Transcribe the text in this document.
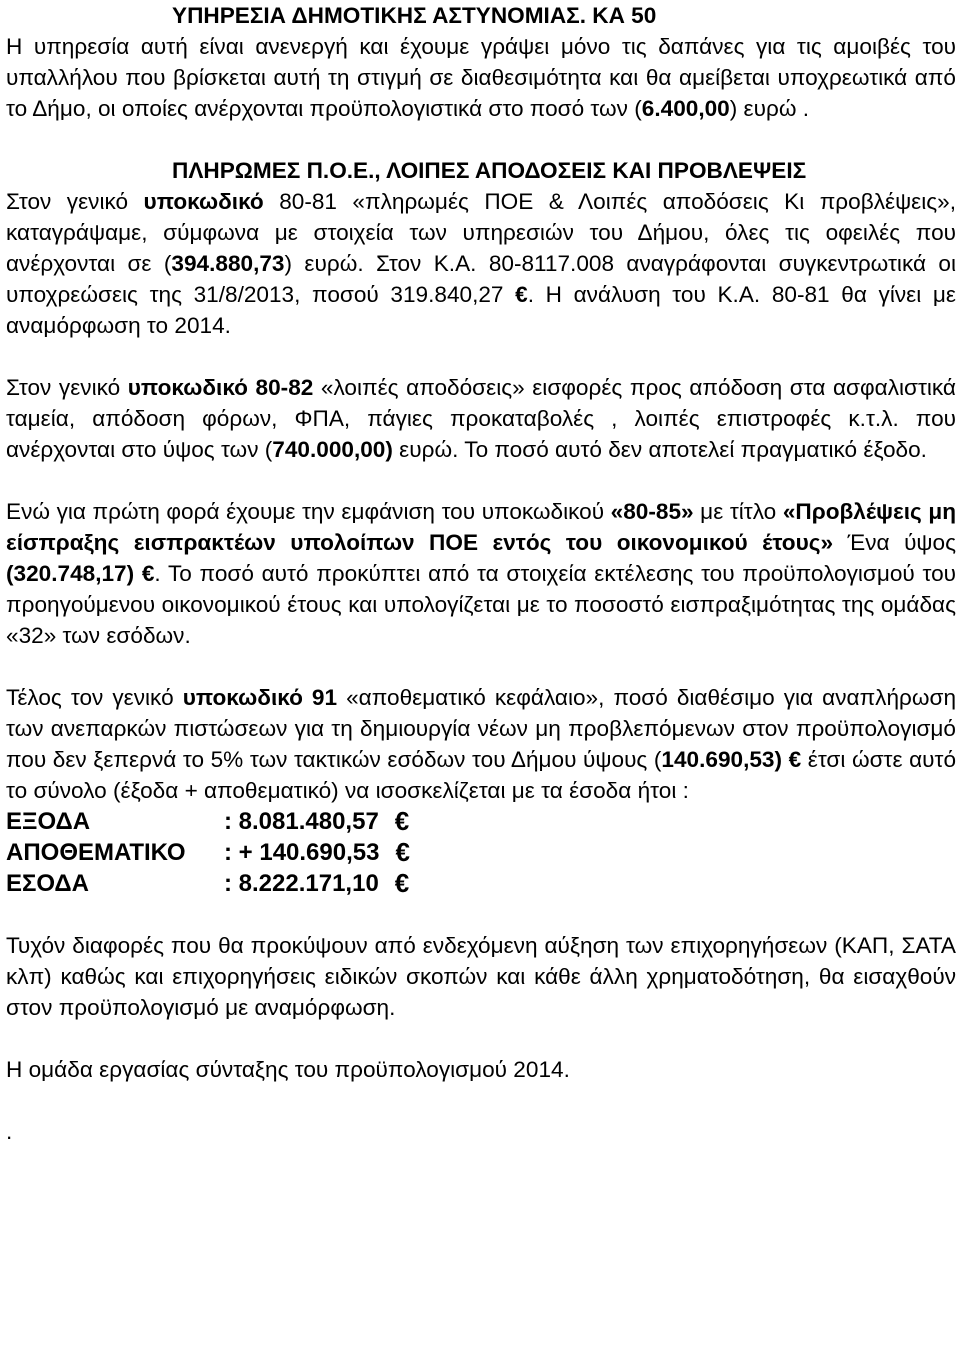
ΥΠΗΡΕΣΙΑ ΔΗΜΟΤΙΚΗΣ ΑΣΤΥΝΟΜΙΑΣ. ΚΑ 50

Η υπηρεσία αυτή είναι ανενεργή και έχουμε γράψει μόνο τις δαπάνες για τις αμοιβές του υπαλλήλου που βρίσκεται αυτή τη στιγμή σε διαθεσιμότητα και θα αμείβεται υποχρεωτικά από το Δήμο, οι οποίες ανέρχονται προϋπολογιστικά στο ποσό των (6.400,00) ευρώ .

ΠΛΗΡΩΜΕΣ Π.Ο.Ε., ΛΟΙΠΕΣ ΑΠΟΔΟΣΕΙΣ ΚΑΙ ΠΡΟΒΛΕΨΕΙΣ

Στον γενικό υποκωδικό 80-81 «πληρωμές ΠΟΕ & Λοιπές αποδόσεις Κι προβλέψεις», καταγράψαμε, σύμφωνα με στοιχεία των υπηρεσιών του Δήμου, όλες τις οφειλές που ανέρχονται σε (394.880,73) ευρώ. Στον Κ.Α. 80-8117.008 αναγράφονται συγκεντρωτικά οι υποχρεώσεις της 31/8/2013, ποσού 319.840,27 €. Η ανάλυση του Κ.Α. 80-81 θα γίνει με αναμόρφωση το 2014.

Στον γενικό υποκωδικό 80-82 «λοιπές αποδόσεις» εισφορές προς απόδοση στα ασφαλιστικά ταμεία, απόδοση φόρων, ΦΠΑ, πάγιες προκαταβολές , λοιπές επιστροφές κ.τ.λ. που ανέρχονται στο ύψος των (740.000,00) ευρώ. Το ποσό αυτό δεν αποτελεί πραγματικό έξοδο.

Ενώ για πρώτη φορά έχουμε την εμφάνιση του υποκωδικού «80-85» με τίτλο «Προβλέψεις μη είσπραξης εισπρακτέων υπολοίπων ΠΟΕ εντός του οικονομικού έτους» Ένα ύψος (320.748,17) €. Το ποσό αυτό προκύπτει από τα στοιχεία εκτέλεσης του προϋπολογισμού του προηγούμενου οικονομικού έτους και υπολογίζεται με το ποσοστό εισπραξιμότητας της ομάδας «32» των εσόδων.

Τέλος τον γενικό υποκωδικό 91 «αποθεματικό κεφάλαιο», ποσό διαθέσιμο για αναπλήρωση των ανεπαρκών πιστώσεων για τη δημιουργία νέων μη προβλεπόμενων στον προϋπολογισμό που δεν ξεπερνά το 5% των τακτικών εσόδων του Δήμου ύψους (140.690,53) € έτσι ώστε αυτό το σύνολο (έξοδα + αποθεματικό) να ισοσκελίζεται με τα έσοδα ήτοι :

ΕΞΟΔΑ	: 8.081.480,57 €
ΑΠΟΘΕΜΑΤΙΚΟ	: + 140.690,53 €
ΕΣΟΔΑ	: 8.222.171,10 €

Τυχόν διαφορές που θα προκύψουν από ενδεχόμενη αύξηση των επιχορηγήσεων (ΚΑΠ, ΣΑΤΑ κλπ) καθώς και επιχορηγήσεις ειδικών σκοπών και κάθε άλλη χρηματοδότηση, θα εισαχθούν στον προϋπολογισμό με αναμόρφωση.

Η ομάδα εργασίας σύνταξης του προϋπολογισμού 2014.

.
